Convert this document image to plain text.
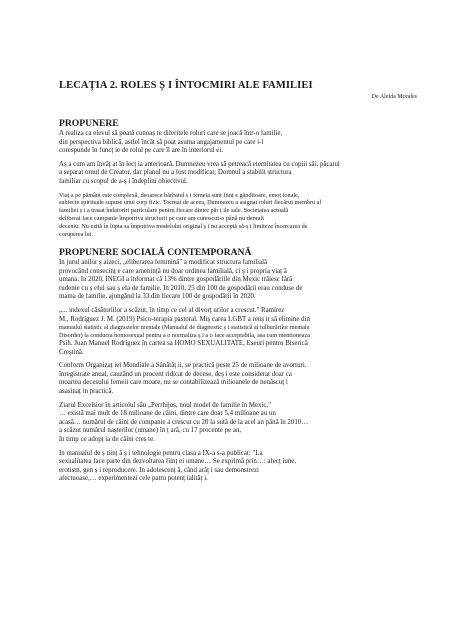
LECAȚIA 2. ROLES Ș I ÎNTOCMIRI ALE FAMILIEI
De Aleida Morales
PROPUNERE
A realiza ca elevul să poată cunoaș te diferitele roluri care se joacă într-o familie,
din perspectiva biblică, astfel încât să poat asuma angajamentul pe care i-l
corespunde în funcț ie de rolul pe care îl are în interiorul ei.
Aș a cum am învăț at în lecț ia anterioară, Dumnezeu vrea să petreacă eternitatea cu copiii săi, păcatul
a separat omul de Creator, dar planul nu a fost modificat; Domnul a stabilit structura
familiar cu scopul de a-ș i îndeplini obiectivul.
Viaț a pe pământ este complexă, deoarece bărbatul ș i femeia sunt ființ e gânditoare, emoț ionale,
subiecte spirituale supuse unui corp fizic. Tocmai de aceea, Dumnezeu a asignat roluri fiecărui membru al
familiei ș i a trasat îndatoriri particulare pentru fiecare dintre păr ț ile sale. Societatea actuală
deliberat face campanie împotriva structurii pe care am cunoscut-o până nu demult
deceniu. Nu ezită în lupta sa împotriva modelului original ș i nu acceptă să-ș i limiteze încercarea de
coruperea lui.
PROPUNERE SOCIALĂ CONTEMPORANĂ
În jurul anilor ș aizeci, „eliberarea feminină" a modificat structura familială
provocând consecinț e care amenință nu doar ordinea familială, ci ș i propria viaț ă
umana. În 2020, INEGI a informat că 13% dintre gospodăriile din Mexic trăiesc fără
rudenie cu ș eful sau ș efa de familie. În 2010, 25 din 100 de gospodării erau conduse de
mama de familie, ajungând la 33 din fiecare 100 de gospodării în 2020.
„... indexul căsătoriilor a scăzut, în timp ce cel al divorț urilor a crescut." Ramírez
M., Rodríguez J. M. (2019) Psico-terapia pastoral. Miș carea LGBT a reuș it să elimine din
manualul statistic al diagnozelor mentale (Manualul de diagnostic ș i statistică al tulburărilor mentale
Disorder) la conducta homosexual pentru a o normaliza ș i a o face acceptabila, asa cum mentioneaza
Psih. Juan Manuel Rodríguez în cartea sa HOMO SEXUALITATE, Eseuri pentru Biserică
Creștină.
Conform Organizaț iei Mondiale a Sănătăț ii, se practică peste 25 de milioane de avorturi.
înregistrate anual, cauzând un procent ridicat de decese, deș i este considerat doar ca
moartea decesului femeii care moare, nu se contabilizează milioanele de nenăscuț i
asasinaț in practică.
Ziarul Excelsior în articolul său „Perrhijos, noul model de familie în Mexic,"
… există mai mult de 18 milioane de câini, dintre care doar 5,4 milioane au un
acasă… numărul de câini de companie a crescut cu 20 la sută de la acel an până în 2010…
a scăzut numărul nașterilor (umane) în ț ară, cu 17 procente pe an,
în timp ce adopț ia de câini creș te.
În manualul de ș tiinț ă ș i tehnologie pentru clasa a IX-a s-a publicat: "La
sexualitatea face parte din dezvoltarea ființ ei umane… Se exprimă prin…: afecț iune,
erotism, gen ș i reproducere. În adolescenț ă, când arăț i sau demonstrezi
afectuoase,… experimentezi cele patru potenț ialităț i.
